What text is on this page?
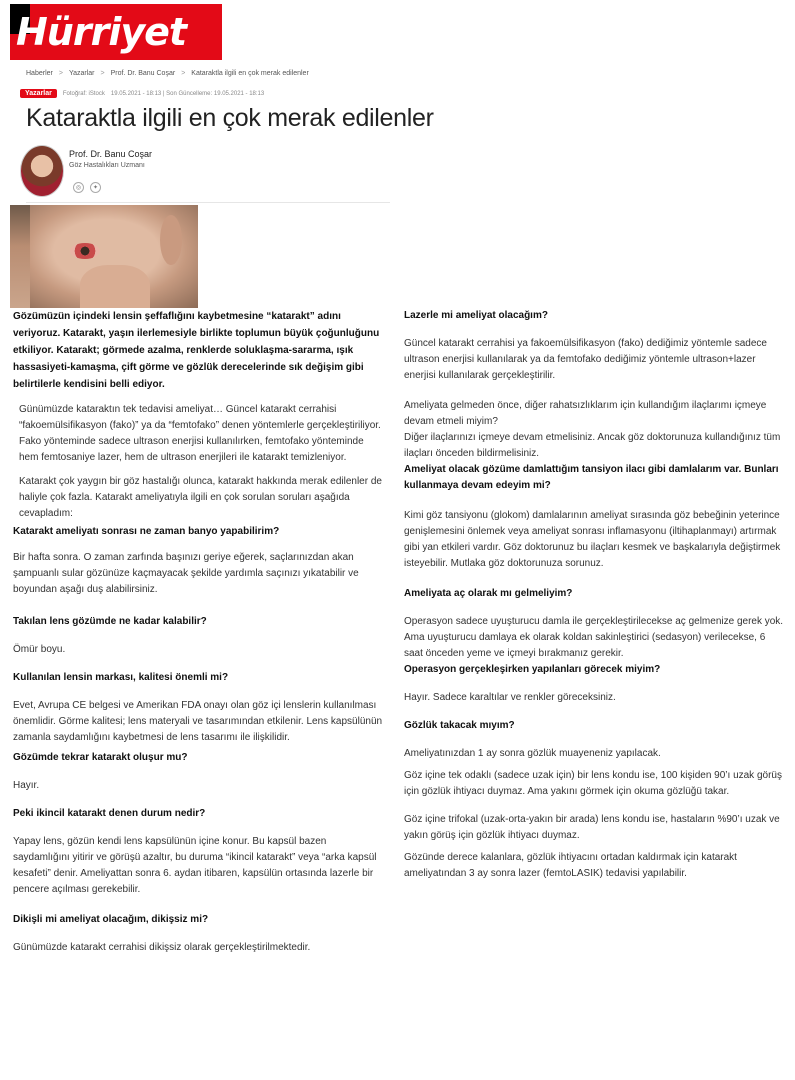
Hürriyet
Haberler > Yazarlar > Prof. Dr. Banu Coşar > Kataraktla ilgili en çok merak edilenler
Yazarlar	Fotoğraf: iStock 19.05.2021 - 18:13 | Son Güncelleme: 19.05.2021 - 18:13
Kataraktla ilgili en çok merak edilenler
Prof. Dr. Banu Coşar
Göz Hastalıkları Uzmanı
◎	✦

Gözümüzün içindeki lensin şeffaflığını kaybetmesine “katarakt” adını veriyoruz. Katarakt, yaşın ilerlemesiyle birlikte toplumun büyük çoğunluğunu etkiliyor. Katarakt; görmede azalma, renklerde soluklaşma-sararma, ışık hassasiyeti-kamaşma, çift görme ve gözlük derecelerinde sık değişim gibi belirtilerle kendisini belli ediyor.

Günümüzde kataraktın tek tedavisi ameliyat… Güncel katarakt cerrahisi “fakoemülsifikasyon (fako)” ya da “femtofako” denen yöntemlerle gerçekleştiriliyor. Fako yönteminde sadece ultrason enerjisi kullanılırken, femtofako yönteminde hem femtosaniye lazer, hem de ultrason enerjileri ile katarakt temizleniyor.

Katarakt çok yaygın bir göz hastalığı olunca, katarakt hakkında merak edilenler de haliyle çok fazla. Katarakt ameliyatıyla ilgili en çok sorulan soruları aşağıda cevapladım:

Katarakt ameliyatı sonrası ne zaman banyo yapabilirim?

Bir hafta sonra. O zaman zarfında başınızı geriye eğerek, saçlarınızdan akan şampuanlı sular gözünüze kaçmayacak şekilde yardımla saçınızı yıkatabilir ve boyundan aşağı duş alabilirsiniz.

Takılan lens gözümde ne kadar kalabilir?

Ömür boyu.

Kullanılan lensin markası, kalitesi önemli mi?

Evet, Avrupa CE belgesi ve Amerikan FDA onayı olan göz içi lenslerin kullanılması önemlidir. Görme kalitesi; lens materyali ve tasarımından etkilenir. Lens kapsülünün zamanla saydamlığını kaybetmesi de lens tasarımı ile ilişkilidir.

Gözümde tekrar katarakt oluşur mu?

Hayır.

Peki ikincil katarakt denen durum nedir?

Yapay lens, gözün kendi lens kapsülünün içine konur. Bu kapsül bazen saydamlığını yitirir ve görüşü azaltır, bu duruma “ikincil katarakt” veya “arka kapsül kesafeti” denir. Ameliyattan sonra 6. aydan itibaren, kapsülün ortasında lazerle bir pencere açılması gerekebilir.

Dikişli mi ameliyat olacağım, dikişsiz mi?

Günümüzde katarakt cerrahisi dikişsiz olarak gerçekleştirilmektedir.

Lazerle mi ameliyat olacağım?

Güncel katarakt cerrahisi ya fakoemülsifikasyon (fako) dediğimiz yöntemle sadece ultrason enerjisi kullanılarak ya da femtofako dediğimiz yöntemle ultrason+lazer enerjisi kullanılarak gerçekleştirilir.

Ameliyata gelmeden önce, diğer rahatsızlıklarım için kullandığım ilaçlarımı içmeye devam etmeli miyim?

Diğer ilaçlarınızı içmeye devam etmelisiniz. Ancak göz doktorunuza kullandığınız tüm ilaçları önceden bildirmelisiniz.

Ameliyat olacak gözüme damlattığım tansiyon ilacı gibi damlalarım var. Bunları kullanmaya devam edeyim mi?

Kimi göz tansiyonu (glokom) damlalarının ameliyat sırasında göz bebeğinin yeterince genişlemesini önlemek veya ameliyat sonrası inflamasyonu (iltihaplanmayı) artırmak gibi yan etkileri vardır. Göz doktorunuz bu ilaçları kesmek ve başkalarıyla değiştirmek isteyebilir. Mutlaka göz doktorunuza sorunuz.

Ameliyata aç olarak mı gelmeliyim?

Operasyon sadece uyuşturucu damla ile gerçekleştirilecekse aç gelmenize gerek yok. Ama uyuşturucu damlaya ek olarak koldan sakinleştirici (sedasyon) verilecekse, 6 saat önceden yeme ve içmeyi bırakmanız gerekir.

Operasyon gerçekleşirken yapılanları görecek miyim?

Hayır. Sadece karaltılar ve renkler göreceksiniz.

Gözlük takacak mıyım?

Ameliyatınızdan 1 ay sonra gözlük muayeneniz yapılacak.

Göz içine tek odaklı (sadece uzak için) bir lens kondu ise, 100 kişiden 90’ı uzak görüş için gözlük ihtiyacı duymaz. Ama yakını görmek için okuma gözlüğü takar.

Göz içine trifokal (uzak-orta-yakın bir arada) lens kondu ise, hastaların %90’ı uzak ve yakın görüş için gözlük ihtiyacı duymaz.

Gözünde derece kalanlara, gözlük ihtiyacını ortadan kaldırmak için katarakt ameliyatından 3 ay sonra lazer (femtoLASIK) tedavisi yapılabilir.
